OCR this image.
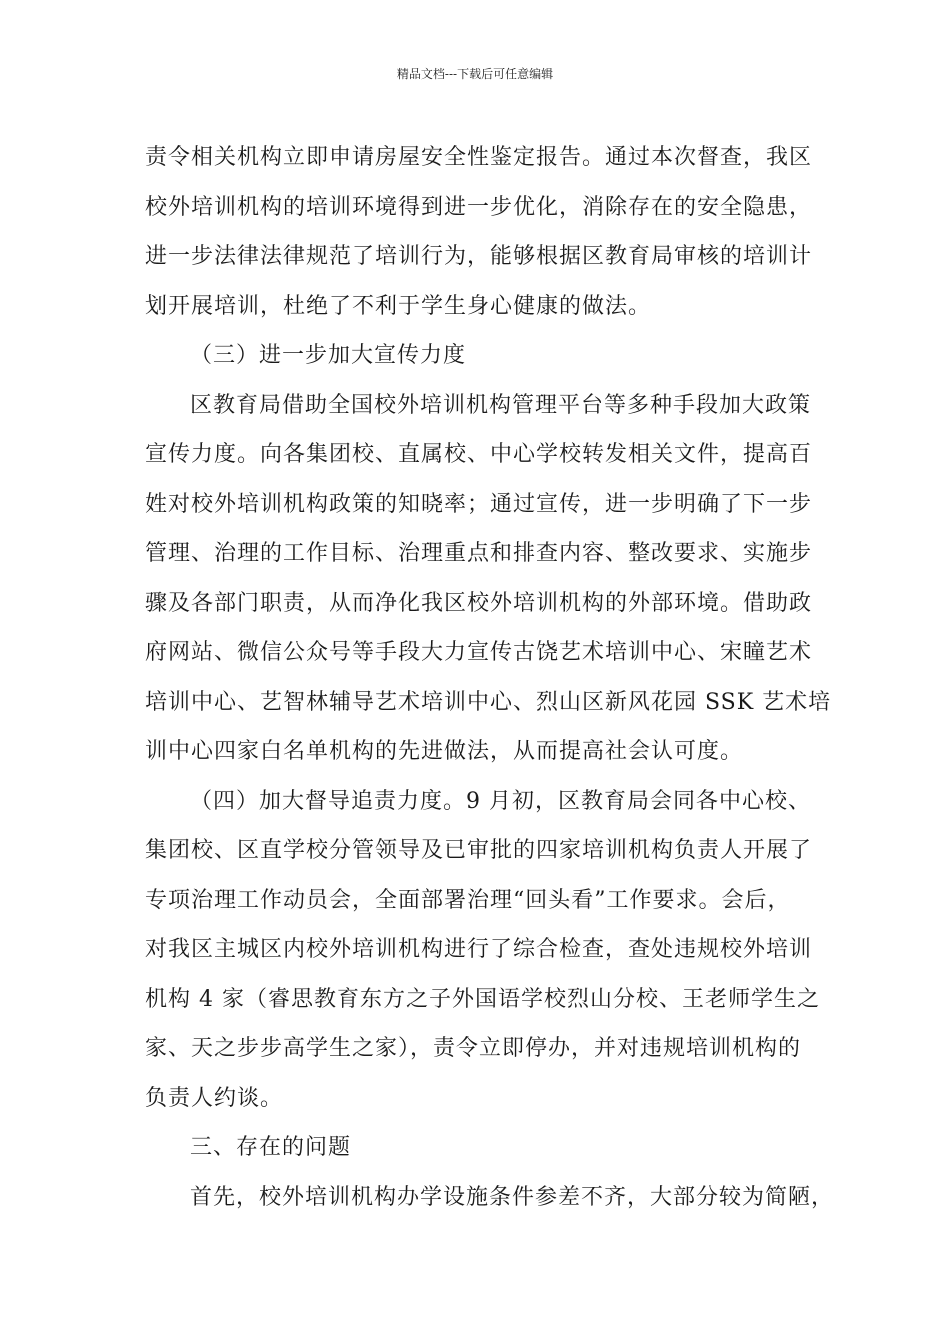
精品文档---下载后可任意编辑
责令相关机构立即申请房屋安全性鉴定报告。通过本次督查，我区
校外培训机构的培训环境得到进一步优化，消除存在的安全隐患，
进一步法律法律规范了培训行为，能够根据区教育局审核的培训计
划开展培训，杜绝了不利于学生身心健康的做法。
（三）进一步加大宣传力度
区教育局借助全国校外培训机构管理平台等多种手段加大政策
宣传力度。向各集团校、直属校、中心学校转发相关文件，提高百
姓对校外培训机构政策的知晓率；通过宣传，进一步明确了下一步
管理、治理的工作目标、治理重点和排查内容、整改要求、实施步
骤及各部门职责，从而净化我区校外培训机构的外部环境。借助政
府网站、微信公众号等手段大力宣传古饶艺术培训中心、宋瞳艺术
培训中心、艺智林辅导艺术培训中心、烈山区新风花园 SSK 艺术培
训中心四家白名单机构的先进做法，从而提高社会认可度。
（四）加大督导追责力度。9 月初，区教育局会同各中心校、
集团校、区直学校分管领导及已审批的四家培训机构负责人开展了
专项治理工作动员会，全面部署治理“回头看”工作要求。会后，
对我区主城区内校外培训机构进行了综合检查，查处违规校外培训
机构 4 家（睿思教育东方之子外国语学校烈山分校、王老师学生之
家、天之步步高学生之家），责令立即停办，并对违规培训机构的
负责人约谈。
三、存在的问题
首先，校外培训机构办学设施条件参差不齐，大部分较为简陋，
